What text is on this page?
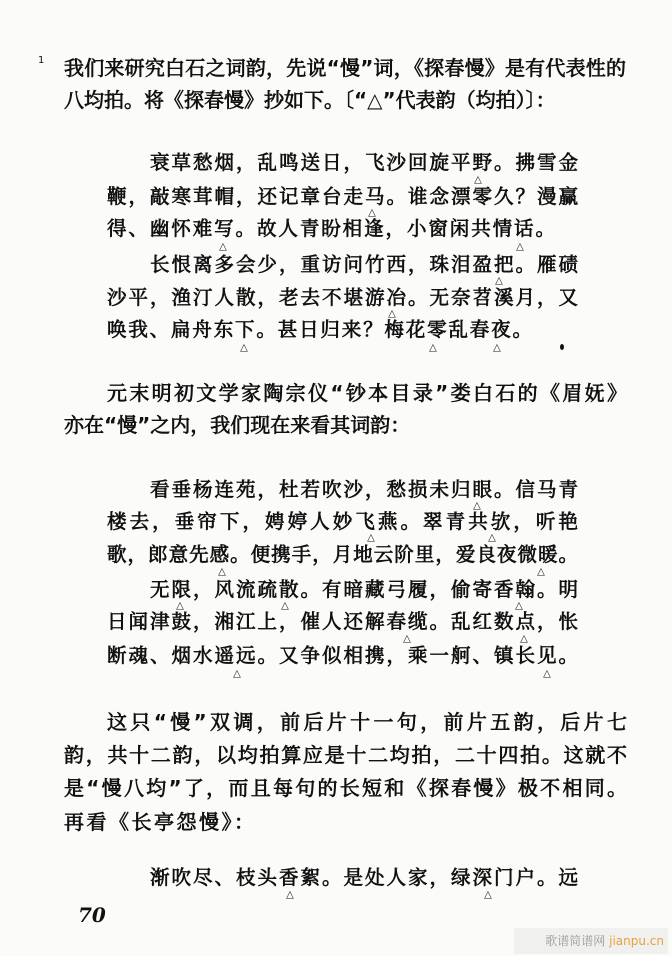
1 我们来研究白石之词韵，先说“慢”词，《探春慢》是有代表性的
八均拍。将《探春慢》抄如下。〔“△”代表韵（均拍）〕：
衰草愁烟，乱鸣送日，飞沙回旋平野。拂雪金
鞭，敲寒茸帽，还记章台走马。谁念漂零久？漫赢
得、幽怀难写。故人青盼相逢，小窗闲共情话。
长恨离多会少，重访问竹西，珠泪盈把。雁碛
沙平，渔汀人散，老去不堪游冶。无奈苕溪月，又
唤我、扁舟东下。甚日归来？梅花零乱春夜。
△
△
△	△
△
△
△	△	△
元末明初文学家陶宗仪“钞本目录”娄白石的《眉妩》
亦在“慢”之内，我们现在来看其词韵：
看垂杨连苑，杜若吹沙，愁损未归眼。信马青
楼去，垂帘下，娉婷人妙飞燕。翠青共欤，听艳
歌，郎意先感。便携手，月地云阶里，爱良夜微暖。
无限，风流疏散。有暗藏弓履，偷寄香翰。明
日闻津鼓，湘江上，催人还解春缆。乱红数点，怅
断魂、烟水遥远。又争似相携，乘一舸、镇长见。
△
△	△
△	△
△	△	△
△	△
△	△
这只“慢”双调，前后片十一句，前片五韵，后片七
韵，共十二韵，以均拍算应是十二均拍，二十四拍。这就不
是“慢八均”了，而且每句的长短和《探春慢》极不相同。
再看《长亭怨慢》：
渐吹尽、枝头香絮。是处人家，绿深门户。远
△	△
70
歌谱简谱网 jianpu.cn
